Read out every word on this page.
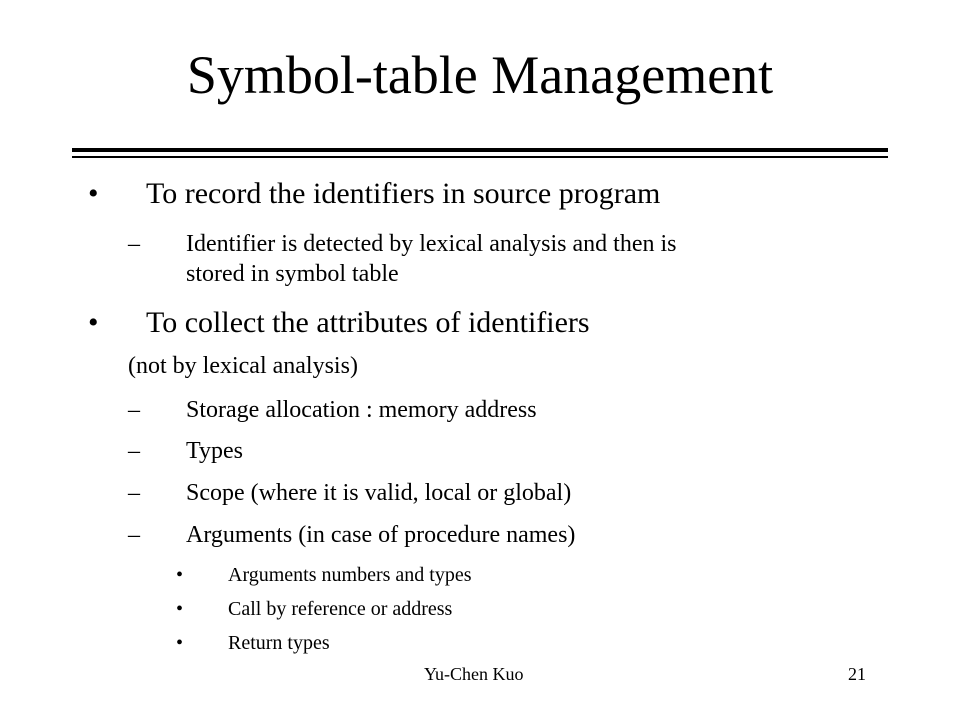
Symbol-table Management
• To record the identifiers in source program
– Identifier is detected by lexical analysis and then is
stored in symbol table
• To collect the attributes of identifiers
(not by lexical analysis)
– Storage allocation : memory address
– Types
– Scope (where it is valid, local or global)
– Arguments (in case of procedure names)
• Arguments numbers and types
• Call by reference or address
• Return types
Yu-Chen Kuo	21
